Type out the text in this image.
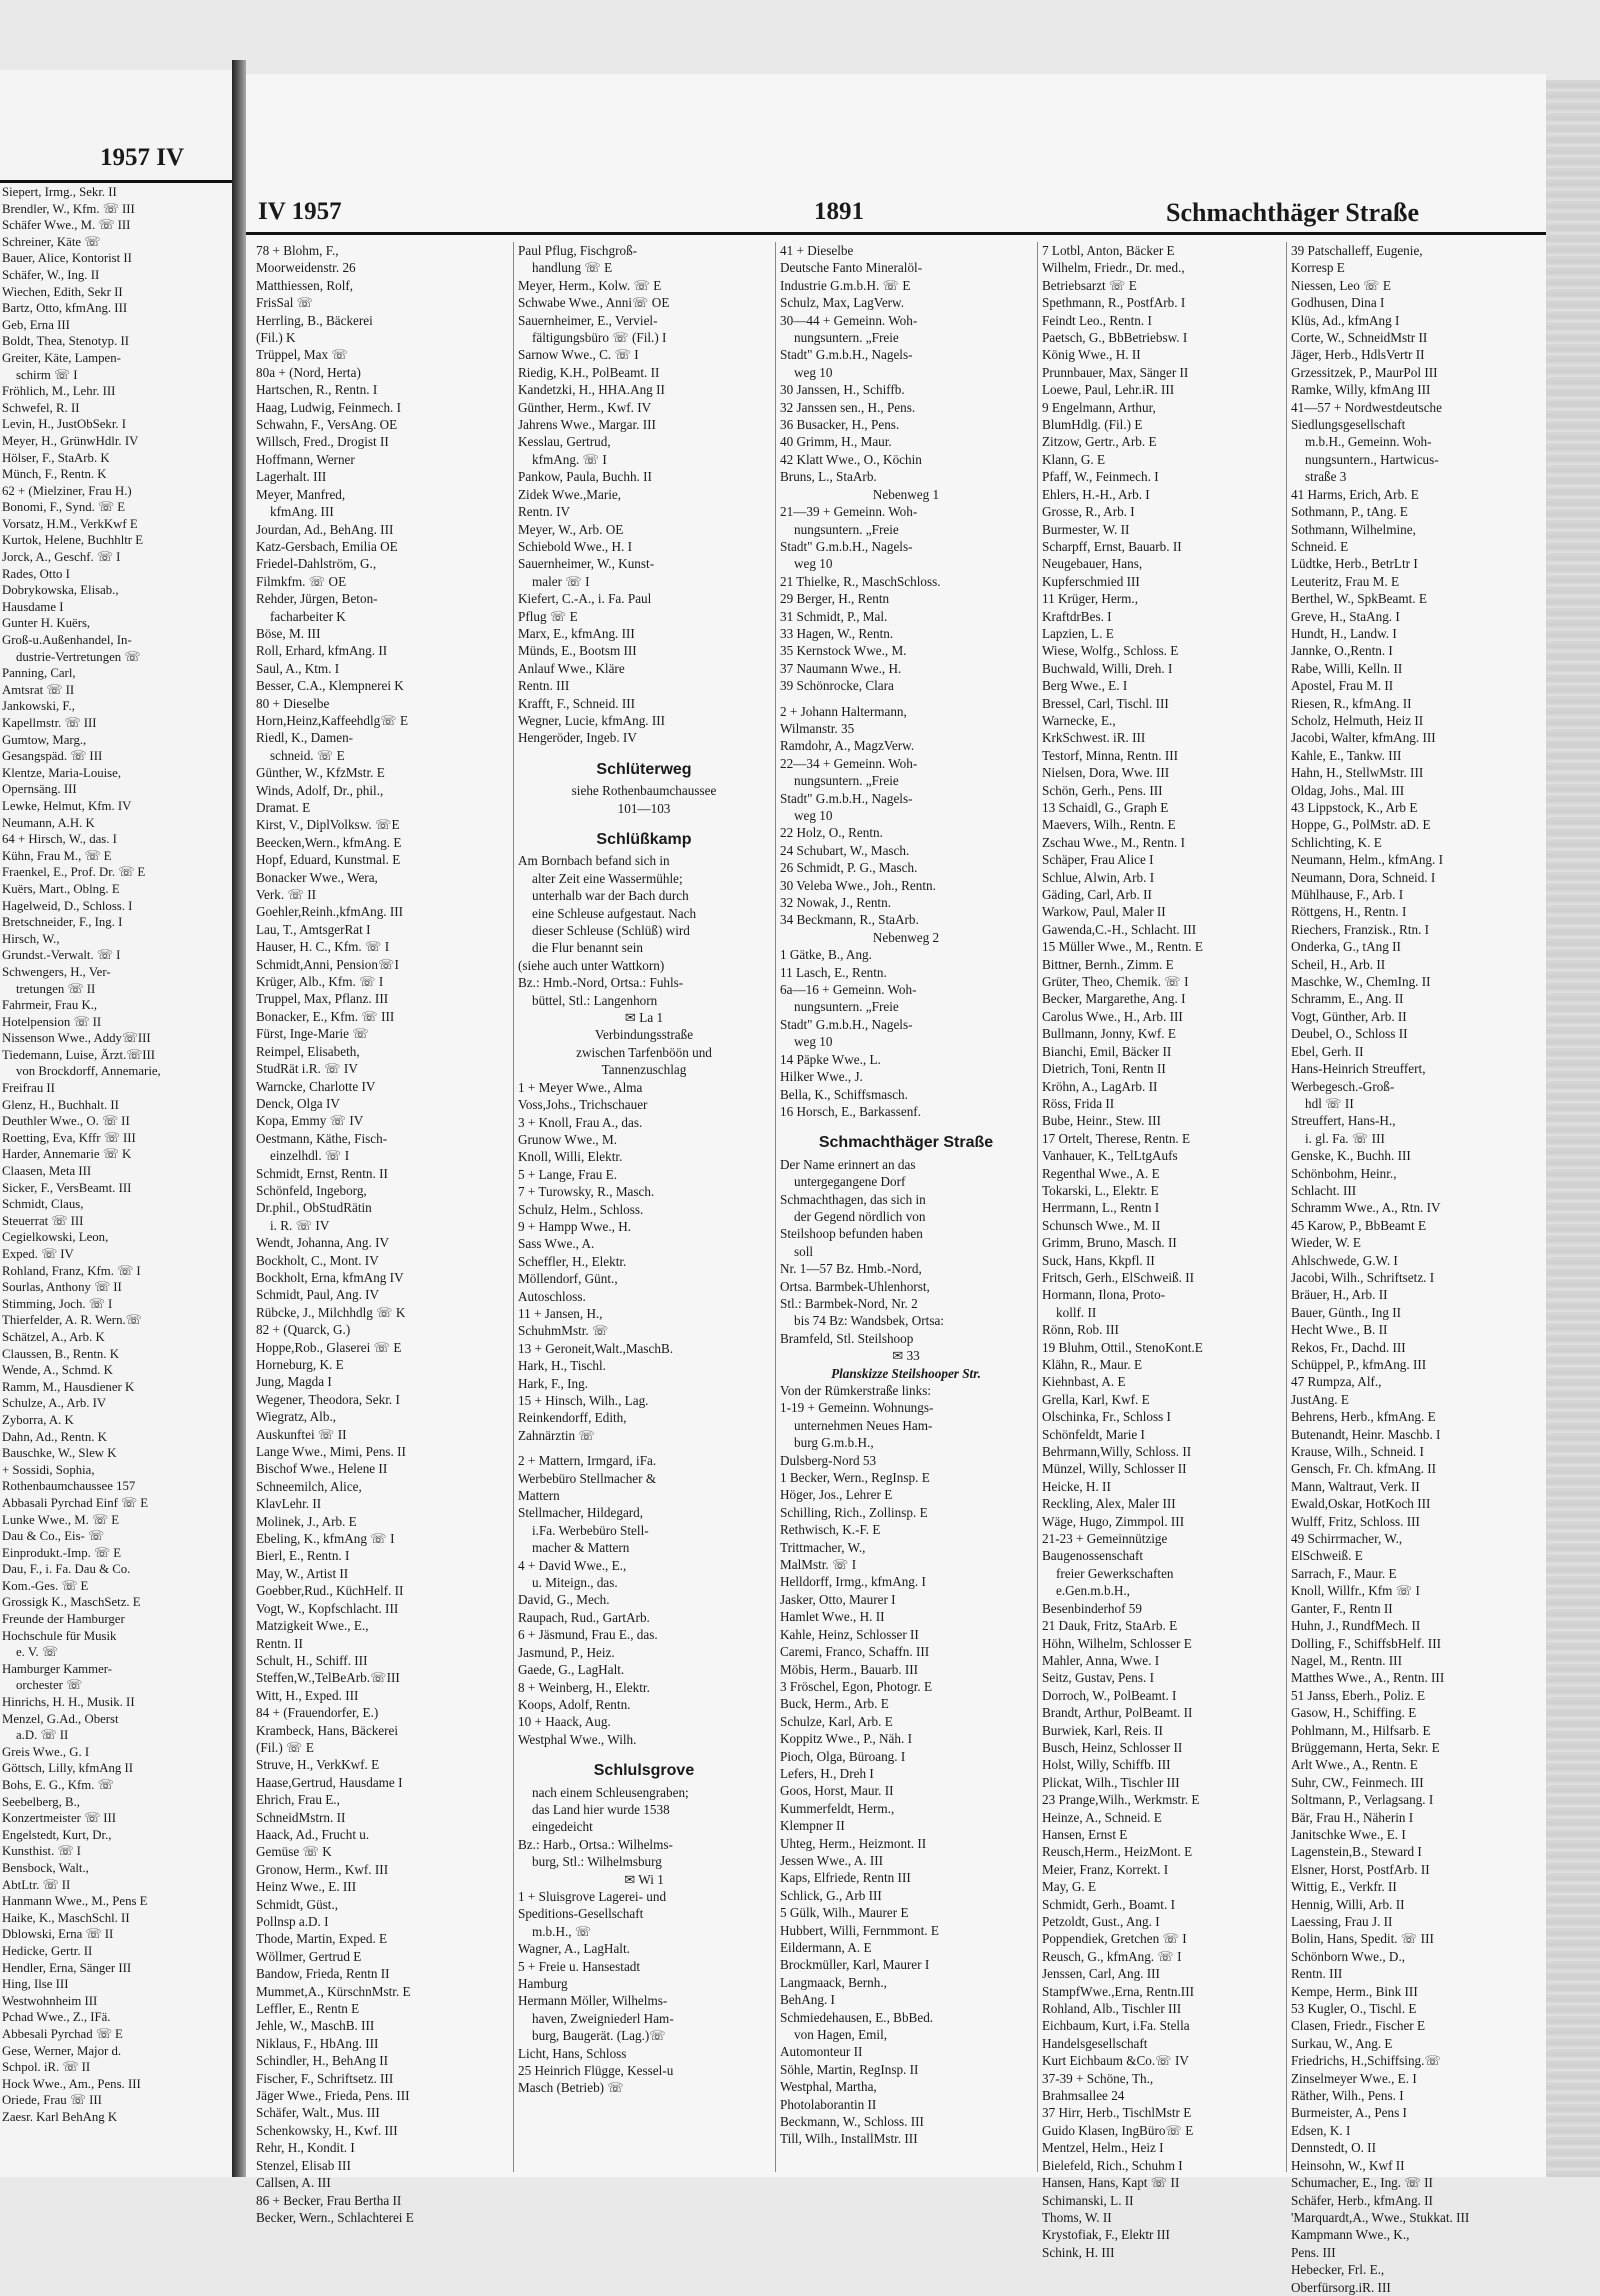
1957 IV
Siepert, Irmg., Sekr. II
Brendler, W., Kfm. ☏ III
Schäfer Wwe., M. ☏ III
Schreiner, Käte ☏
Bauer, Alice, Kontorist II
Schäfer, W., Ing. II
Wiechen, Edith, Sekr II
Bartz, Otto, kfmAng. III
Geb, Erna III
Boldt, Thea, Stenotyp. II
Greiter, Käte, Lampen-
schirm ☏ I
Fröhlich, M., Lehr. III
Schwefel, R. II
Levin, H., JustObSekr. I
Meyer, H., GrünwHdlr. IV
Hölser, F., StaArb. K
Münch, F., Rentn. K
62 + (Mielziner, Frau H.)
Bonomi, F., Synd. ☏ E
Vorsatz, H.M., VerkKwf E
Kurtok, Helene, Buchhltr E
Jorck, A., Geschf. ☏ I
Rades, Otto I
Dobrykowska, Elisab.,
Hausdame I
Gunter H. Kuërs,
Groß-u.Außenhandel, In-
dustrie-Vertretungen ☏
Panning, Carl,
Amtsrat ☏ II
Jankowski, F.,
Kapellmstr. ☏ III
Gumtow, Marg.,
Gesangspäd. ☏ III
Klentze, Maria-Louise,
Opernsäng. III
Lewke, Helmut, Kfm. IV
Neumann, A.H. K
64 + Hirsch, W., das. I
Kühn, Frau M., ☏ E
Fraenkel, E., Prof. Dr. ☏ E
Kuërs, Mart., Oblng. E
Hagelweid, D., Schloss. I
Bretschneider, F., Ing. I
Hirsch, W.,
Grundst.-Verwalt. ☏ I
Schwengers, H., Ver-
tretungen ☏ II
Fahrmeir, Frau K.,
Hotelpension ☏ II
Nissenson Wwe., Addy☏III
Tiedemann, Luise, Ärzt.☏III
von Brockdorff, Annemarie,
Freifrau II
Glenz, H., Buchhalt. II
Deuthler Wwe., O. ☏ II
Roetting, Eva, Kffr ☏ III
Harder, Annemarie ☏ K
Claasen, Meta III
Sicker, F., VersBeamt. III
Schmidt, Claus,
Steuerrat ☏ III
Cegielkowski, Leon,
Exped. ☏ IV
Rohland, Franz, Kfm. ☏ I
Sourlas, Anthony ☏ II
Stimming, Joch. ☏ I
Thierfelder, A. R. Wern.☏
Schätzel, A., Arb. K
Claussen, B., Rentn. K
Wende, A., Schmd. K
Ramm, M., Hausdiener K
Schulze, A., Arb. IV
Zyborra, A. K
Dahn, Ad., Rentn. K
Bauschke, W., Slew K
+ Sossidi, Sophia,
Rothenbaumchaussee 157
Abbasali Pyrchad Einf ☏ E
Lunke Wwe., M. ☏ E
Dau & Co., Eis- ☏
Einprodukt.-Imp. ☏ E
Dau, F., i. Fa. Dau & Co.
Kom.-Ges. ☏ E
Grossigk K., MaschSetz. E
Freunde der Hamburger
Hochschule für Musik
e. V. ☏
Hamburger Kammer-
orchester ☏
Hinrichs, H. H., Musik. II
Menzel, G.Ad., Oberst
a.D. ☏ II
Greis Wwe., G. I
Göttsch, Lilly, kfmAng II
Bohs, E. G., Kfm. ☏
Seebelberg, B.,
Konzertmeister ☏ III
Engelstedt, Kurt, Dr.,
Kunsthist. ☏ I
Bensbock, Walt.,
AbtLtr. ☏ II
Hanmann Wwe., M., Pens E
Haike, K., MaschSchl. II
Dblowski, Erna ☏ II
Hedicke, Gertr. II
Hendler, Erna, Sänger III
Hing, Ilse III
Westwohnheim III
Pchad Wwe., Z., IFä.
Abbesali Pyrchad ☏ E
Gese, Werner, Major d.
Schpol. iR. ☏ II
Hock Wwe., Am., Pens. III
Oriede, Frau ☏ III
Zaesr. Karl BehAng K
IV 1957	1891	Schmachthäger Straße
78 + Blohm, F.,
Moorweidenstr. 26
Matthiessen, Rolf,
FrisSal ☏
Herrling, B., Bäckerei
(Fil.) K
Trüppel, Max ☏
80a + (Nord, Herta)
Hartschen, R., Rentn. I
Haag, Ludwig, Feinmech. I
Schwahn, F., VersAng. OE
Willsch, Fred., Drogist II
Hoffmann, Werner
Lagerhalt. III
Meyer, Manfred,
kfmAng. III
Jourdan, Ad., BehAng. III
Katz-Gersbach, Emilia OE
Friedel-Dahlström, G.,
Filmkfm. ☏ OE
Rehder, Jürgen, Beton-
facharbeiter K
Böse, M. III
Roll, Erhard, kfmAng. II
Saul, A., Ktm. I
Besser, C.A., Klempnerei K
80 + Dieselbe
Horn,Heinz,Kaffeehdlg☏ E
Riedl, K., Damen-
schneid. ☏ E
Günther, W., KfzMstr. E
Winds, Adolf, Dr., phil.,
Dramat. E
Kirst, V., DiplVolksw. ☏E
Beecken,Wern., kfmAng. E
Hopf, Eduard, Kunstmal. E
Bonacker Wwe., Wera,
Verk. ☏ II
Goehler,Reinh.,kfmAng. III
Lau, T., AmtsgerRat I
Hauser, H. C., Kfm. ☏ I
Schmidt,Anni, Pension☏I
Krüger, Alb., Kfm. ☏ I
Truppel, Max, Pflanz. III
Bonacker, E., Kfm. ☏ III
Fürst, Inge-Marie ☏
Reimpel, Elisabeth,
StudRät i.R. ☏ IV
Warncke, Charlotte IV
Denck, Olga IV
Kopa, Emmy ☏ IV
Oestmann, Käthe, Fisch-
einzelhdl. ☏ I
Schmidt, Ernst, Rentn. II
Schönfeld, Ingeborg,
Dr.phil., ObStudRätin
i. R. ☏ IV
Wendt, Johanna, Ang. IV
Bockholt, C., Mont. IV
Bockholt, Erna, kfmAng IV
Schmidt, Paul, Ang. IV
Rübcke, J., Milchhdlg ☏ K
82 + (Quarck, G.)
Hoppe,Rob., Glaserei ☏ E
Horneburg, K. E
Jung, Magda I
Wegener, Theodora, Sekr. I
Wiegratz, Alb.,
Auskunftei ☏ II
Lange Wwe., Mimi, Pens. II
Bischof Wwe., Helene II
Schneemilch, Alice,
KlavLehr. II
Molinek, J., Arb. E
Ebeling, K., kfmAng ☏ I
Bierl, E., Rentn. I
May, W., Artist II
Goebber,Rud., KüchHelf. II
Vogt, W., Kopfschlacht. III
Matzigkeit Wwe., E.,
Rentn. II
Schult, H., Schiff. III
Steffen,W.,TelBeArb.☏III
Witt, H., Exped. III
84 + (Frauendorfer, E.)
Krambeck, Hans, Bäckerei
(Fil.) ☏ E
Struve, H., VerkKwf. E
Haase,Gertrud, Hausdame I
Ehrich, Frau E.,
SchneidMstrn. II
Haack, Ad., Frucht u.
Gemüse ☏ K
Gronow, Herm., Kwf. III
Heinz Wwe., E. III
Schmidt, Güst.,
Pollnsp a.D. I
Thode, Martin, Exped. E
Wöllmer, Gertrud E
Bandow, Frieda, Rentn II
Mummet,A., KürschnMstr. E
Leffler, E., Rentn E
Jehle, W., MaschB. III
Niklaus, F., HbAng. III
Schindler, H., BehAng II
Fischer, F., Schriftsetz. III
Jäger Wwe., Frieda, Pens. III
Schäfer, Walt., Mus. III
Schenkowsky, H., Kwf. III
Rehr, H., Kondit. I
Stenzel, Elisab III
Callsen, A. III
86 + Becker, Frau Bertha II
Becker, Wern., Schlachterei E
Paul Pflug, Fischgroß-
handlung ☏ E
Meyer, Herm., Kolw. ☏ E
Schwabe Wwe., Anni☏ OE
Sauernheimer, E., Verviel-
fältigungsbüro ☏ (Fil.) I
Sarnow Wwe., C. ☏ I
Riedig, K.H., PolBeamt. II
Kandetzki, H., HHA.Ang II
Günther, Herm., Kwf. IV
Jahrens Wwe., Margar. III
Kesslau, Gertrud,
kfmAng. ☏ I
Pankow, Paula, Buchh. II
Zidek Wwe.,Marie,
Rentn. IV
Meyer, W., Arb. OE
Schiebold Wwe., H. I
Sauernheimer, W., Kunst-
maler ☏ I
Kiefert, C.-A., i. Fa. Paul
Pflug ☏ E
Marx, E., kfmAng. III
Münds, E., Bootsm III
Anlauf Wwe., Kläre
Rentn. III
Krafft, F., Schneid. III
Wegner, Lucie, kfmAng. III
Hengeröder, Ingeb. IV
Schlüterweg
siehe Rothenbaumchaussee
101—103
Schlüßkamp
Am Bornbach befand sich in
alter Zeit eine Wassermühle;
unterhalb war der Bach durch
eine Schleuse aufgestaut. Nach
dieser Schleuse (Schlüß) wird
die Flur benannt sein
(siehe auch unter Wattkorn)
Bz.: Hmb.-Nord, Ortsa.: Fuhls-
büttel, Stl.: Langenhorn
✉ La 1
Verbindungsstraße
zwischen Tarfenböön und
Tannenzuschlag
1 + Meyer Wwe., Alma
Voss,Johs., Trichschauer
3 + Knoll, Frau A., das.
Grunow Wwe., M.
Knoll, Willi, Elektr.
5 + Lange, Frau E.
7 + Turowsky, R., Masch.
Schulz, Helm., Schloss.
9 + Hampp Wwe., H.
Sass Wwe., A.
Scheffler, H., Elektr.
Möllendorf, Günt.,
Autoschloss.
11 + Jansen, H.,
SchuhmMstr. ☏
13 + Geroneit,Walt.,MaschB.
Hark, H., Tischl.
Hark, F., Ing.
15 + Hinsch, Wilh., Lag.
Reinkendorff, Edith,
Zahnärztin ☏
2 + Mattern, Irmgard, iFa.
Werbebüro Stellmacher &
Mattern
Stellmacher, Hildegard,
i.Fa. Werbebüro Stell-
macher & Mattern
4 + David Wwe., E.,
u. Miteign., das.
David, G., Mech.
Raupach, Rud., GartArb.
6 + Jäsmund, Frau E., das.
Jasmund, P., Heiz.
Gaede, G., LagHalt.
8 + Weinberg, H., Elektr.
Koops, Adolf, Rentn.
10 + Haack, Aug.
Westphal Wwe., Wilh.
Schlulsgrove
nach einem Schleusengraben;
das Land hier wurde 1538
eingedeicht
Bz.: Harb., Ortsa.: Wilhelms-
burg, Stl.: Wilhelmsburg
✉ Wi 1
1 + Sluisgrove Lagerei- und
Speditions-Gesellschaft
m.b.H., ☏
Wagner, A., LagHalt.
5 + Freie u. Hansestadt
Hamburg
Hermann Möller, Wilhelms-
haven, Zweigniederl Ham-
burg, Baugerät. (Lag.)☏
Licht, Hans, Schloss
25 Heinrich Flügge, Kessel-u
Masch (Betrieb) ☏
41 + Dieselbe
Deutsche Fanto Mineralöl-
Industrie G.m.b.H. ☏ E
Schulz, Max, LagVerw.
30—44 + Gemeinn. Woh-
nungsuntern. „Freie
Stadt" G.m.b.H., Nagels-
weg 10
30 Janssen, H., Schiffb.
32 Janssen sen., H., Pens.
36 Busacker, H., Pens.
40 Grimm, H., Maur.
42 Klatt Wwe., O., Köchin
Bruns, L., StaArb.
Nebenweg 1
21—39 + Gemeinn. Woh-
nungsuntern. „Freie
Stadt" G.m.b.H., Nagels-
weg 10
21 Thielke, R., MaschSchloss.
29 Berger, H., Rentn
31 Schmidt, P., Mal.
33 Hagen, W., Rentn.
35 Kernstock Wwe., M.
37 Naumann Wwe., H.
39 Schönrocke, Clara
2 + Johann Haltermann,
Wilmanstr. 35
Ramdohr, A., MagzVerw.
22—34 + Gemeinn. Woh-
nungsuntern. „Freie
Stadt" G.m.b.H., Nagels-
weg 10
22 Holz, O., Rentn.
24 Schubart, W., Masch.
26 Schmidt, P. G., Masch.
30 Veleba Wwe., Joh., Rentn.
32 Nowak, J., Rentn.
34 Beckmann, R., StaArb.
Nebenweg 2
1 Gätke, B., Ang.
11 Lasch, E., Rentn.
6a—16 + Gemeinn. Woh-
nungsuntern. „Freie
Stadt" G.m.b.H., Nagels-
weg 10
14 Päpke Wwe., L.
Hilker Wwe., J.
Bella, K., Schiffsmasch.
16 Horsch, E., Barkassenf.
Schmachthäger Straße
Der Name erinnert an das
untergegangene Dorf
Schmachthagen, das sich in
der Gegend nördlich von
Steilshoop befunden haben
soll
Nr. 1—57 Bz. Hmb.-Nord,
Ortsa. Barmbek-Uhlenhorst,
Stl.: Barmbek-Nord, Nr. 2
bis 74 Bz: Wandsbek, Ortsa:
Bramfeld, Stl. Steilshoop
✉ 33
Planskizze Steilshooper Str.
Von der Rümkerstraße links:
1-19 + Gemeinn. Wohnungs-
unternehmen Neues Ham-
burg G.m.b.H.,
Dulsberg-Nord 53
1 Becker, Wern., RegInsp. E
Höger, Jos., Lehrer E
Schilling, Rich., Zollinsp. E
Rethwisch, K.-F. E
Trittmacher, W.,
MalMstr. ☏ I
Helldorff, Irmg., kfmAng. I
Jasker, Otto, Maurer I
Hamlet Wwe., H. II
Kahle, Heinz, Schlosser II
Caremi, Franco, Schaffn. III
Möbis, Herm., Bauarb. III
3 Fröschel, Egon, Photogr. E
Buck, Herm., Arb. E
Schulze, Karl, Arb. E
Koppitz Wwe., P., Näh. I
Pioch, Olga, Büroang. I
Lefers, H., Dreh I
Goos, Horst, Maur. II
Kummerfeldt, Herm.,
Klempner II
Uhteg, Herm., Heizmont. II
Jessen Wwe., A. III
Kaps, Elfriede, Rentn III
Schlick, G., Arb III
5 Gülk, Wilh., Maurer E
Hubbert, Willi, Fernmmont. E
Eildermann, A. E
Brockmüller, Karl, Maurer I
Langmaack, Bernh.,
BehAng. I
Schmiedehausen, E., BbBed.
von Hagen, Emil,
Automonteur II
Söhle, Martin, RegInsp. II
Westphal, Martha,
Photolaborantin II
Beckmann, W., Schloss. III
Till, Wilh., InstallMstr. III
7 Lotbl, Anton, Bäcker E
Wilhelm, Friedr., Dr. med.,
Betriebsarzt ☏ E
Spethmann, R., PostfArb. I
Feindt Leo., Rentn. I
Paetsch, G., BbBetriebsw. I
König Wwe., H. II
Prunnbauer, Max, Sänger II
Loewe, Paul, Lehr.iR. III
9 Engelmann, Arthur,
BlumHdlg. (Fil.) E
Zitzow, Gertr., Arb. E
Klann, G. E
Pfaff, W., Feinmech. I
Ehlers, H.-H., Arb. I
Grosse, R., Arb. I
Burmester, W. II
Scharpff, Ernst, Bauarb. II
Neugebauer, Hans,
Kupferschmied III
11 Krüger, Herm.,
KraftdrBes. I
Lapzien, L. E
Wiese, Wolfg., Schloss. E
Buchwald, Willi, Dreh. I
Berg Wwe., E. I
Bressel, Carl, Tischl. III
Warnecke, E.,
KrkSchwest. iR. III
Testorf, Minna, Rentn. III
Nielsen, Dora, Wwe. III
Schön, Gerh., Pens. III
13 Schaidl, G., Graph E
Maevers, Wilh., Rentn. E
Zschau Wwe., M., Rentn. I
Schäper, Frau Alice I
Schlue, Alwin, Arb. I
Gäding, Carl, Arb. II
Warkow, Paul, Maler II
Gawenda,C.-H., Schlacht. III
15 Müller Wwe., M., Rentn. E
Bittner, Bernh., Zimm. E
Grüter, Theo, Chemik. ☏ I
Becker, Margarethe, Ang. I
Carolus Wwe., H., Arb. III
Bullmann, Jonny, Kwf. E
Bianchi, Emil, Bäcker II
Dietrich, Toni, Rentn II
Kröhn, A., LagArb. II
Röss, Frida II
Bube, Heinr., Stew. III
17 Ortelt, Therese, Rentn. E
Vanhauer, K., TelLtgAufs
Regenthal Wwe., A. E
Tokarski, L., Elektr. E
Herrmann, L., Rentn I
Schunsch Wwe., M. II
Grimm, Bruno, Masch. II
Suck, Hans, Kkpfl. II
Fritsch, Gerh., ElSchweiß. II
Hormann, Ilona, Proto-
kollf. II
Rönn, Rob. III
19 Bluhm, Ottil., StenoKont.E
Klähn, R., Maur. E
Kiehnbast, A. E
Grella, Karl, Kwf. E
Olschinka, Fr., Schloss I
Schönfeldt, Marie I
Behrmann,Willy, Schloss. II
Münzel, Willy, Schlosser II
Heicke, H. II
Reckling, Alex, Maler III
Wäge, Hugo, Zimmpol. III
21-23 + Gemeinnützige
Baugenossenschaft
freier Gewerkschaften
e.Gen.m.b.H.,
Besenbinderhof 59
21 Dauk, Fritz, StaArb. E
Höhn, Wilhelm, Schlosser E
Mahler, Anna, Wwe. I
Seitz, Gustav, Pens. I
Dorroch, W., PolBeamt. I
Brandt, Arthur, PolBeamt. II
Burwiek, Karl, Reis. II
Busch, Heinz, Schlosser II
Holst, Willy, Schiffb. III
Plickat, Wilh., Tischler III
23 Prange,Wilh., Werkmstr. E
Heinze, A., Schneid. E
Hansen, Ernst E
Reusch,Herm., HeizMont. E
Meier, Franz, Korrekt. I
May, G. E
Schmidt, Gerh., Boamt. I
Petzoldt, Gust., Ang. I
Poppendiek, Gretchen ☏ I
Reusch, G., kfmAng. ☏ I
Jenssen, Carl, Ang. III
StampfWwe.,Erna, Rentn.III
Rohland, Alb., Tischler III
Eichbaum, Kurt, i.Fa. Stella
Handelsgesellschaft
Kurt Eichbaum &Co.☏ IV
37-39 + Schöne, Th.,
Brahmsallee 24
37 Hirr, Herb., TischlMstr E
Guido Klasen, IngBüro☏ E
Mentzel, Helm., Heiz I
Bielefeld, Rich., Schuhm I
Hansen, Hans, Kapt ☏ II
Schimanski, L. II
Thoms, W. II
Krystofiak, F., Elektr III
Schink, H. III
39 Patschalleff, Eugenie,
Korresp E
Niessen, Leo ☏ E
Godhusen, Dina I
Klüs, Ad., kfmAng I
Corte, W., SchneidMstr II
Jäger, Herb., HdlsVertr II
Grzessitzek, P., MaurPol III
Ramke, Willy, kfmAng III
41—57 + Nordwestdeutsche
Siedlungsgesellschaft
m.b.H., Gemeinn. Woh-
nungsuntern., Hartwicus-
straße 3
41 Harms, Erich, Arb. E
Sothmann, P., tAng. E
Sothmann, Wilhelmine,
Schneid. E
Lüdtke, Herb., BetrLtr I
Leuteritz, Frau M. E
Berthel, W., SpkBeamt. E
Greve, H., StaAng. I
Hundt, H., Landw. I
Jannke, O.,Rentn. I
Rabe, Willi, Kelln. II
Apostel, Frau M. II
Riesen, R., kfmAng. II
Scholz, Helmuth, Heiz II
Jacobi, Walter, kfmAng. III
Kahle, E., Tankw. III
Hahn, H., StellwMstr. III
Oldag, Johs., Mal. III
43 Lippstock, K., Arb E
Hoppe, G., PolMstr. aD. E
Schlichting, K. E
Neumann, Helm., kfmAng. I
Neumann, Dora, Schneid. I
Mühlhause, F., Arb. I
Röttgens, H., Rentn. I
Riechers, Franzisk., Rtn. I
Onderka, G., tAng II
Scheil, H., Arb. II
Maschke, W., ChemIng. II
Schramm, E., Ang. II
Vogt, Günther, Arb. II
Deubel, O., Schloss II
Ebel, Gerh. II
Hans-Heinrich Streuffert,
Werbegesch.-Groß-
hdl ☏ II
Streuffert, Hans-H.,
i. gl. Fa. ☏ III
Genske, K., Buchh. III
Schönbohm, Heinr.,
Schlacht. III
Schramm Wwe., A., Rtn. IV
45 Karow, P., BbBeamt E
Wieder, W. E
Ahlschwede, G.W. I
Jacobi, Wilh., Schriftsetz. I
Bräuer, H., Arb. II
Bauer, Günth., Ing II
Hecht Wwe., B. II
Rekos, Fr., Dachd. III
Schüppel, P., kfmAng. III
47 Rumpza, Alf.,
JustAng. E
Behrens, Herb., kfmAng. E
Butenandt, Heinr. Maschb. I
Krause, Wilh., Schneid. I
Gensch, Fr. Ch. kfmAng. II
Mann, Waltraut, Verk. II
Ewald,Oskar, HotKoch III
Wulff, Fritz, Schloss. III
49 Schirrmacher, W.,
ElSchweiß. E
Sarrach, F., Maur. E
Knoll, Willfr., Kfm ☏ I
Ganter, F., Rentn II
Huhn, J., RundfMech. II
Dolling, F., SchiffsbHelf. III
Nagel, M., Rentn. III
Matthes Wwe., A., Rentn. III
51 Janss, Eberh., Poliz. E
Gasow, H., Schiffing. E
Pohlmann, M., Hilfsarb. E
Brüggemann, Herta, Sekr. E
Arlt Wwe., A., Rentn. E
Suhr, CW., Feinmech. III
Soltmann, P., Verlagsang. I
Bär, Frau H., Näherin I
Janitschke Wwe., E. I
Lagenstein,B., Steward I
Elsner, Horst, PostfArb. II
Wittig, E., Verkfr. II
Hennig, Willi, Arb. II
Laessing, Frau J. II
Bolin, Hans, Spedit. ☏ III
Schönborn Wwe., D.,
Rentn. III
Kempe, Herm., Bink III
53 Kugler, O., Tischl. E
Clasen, Friedr., Fischer E
Surkau, W., Ang. E
Friedrichs, H.,Schiffsing.☏
Zinselmeyer Wwe., E. I
Räther, Wilh., Pens. I
Burmeister, A., Pens I
Edsen, K. I
Dennstedt, O. II
Heinsohn, W., Kwf II
Schumacher, E., Ing. ☏ II
Schäfer, Herb., kfmAng. II
'Marquardt,A., Wwe., Stukkat. III
Kampmann Wwe., K.,
Pens. III
Hebecker, Frl. E.,
Oberfürsorg.iR. III
